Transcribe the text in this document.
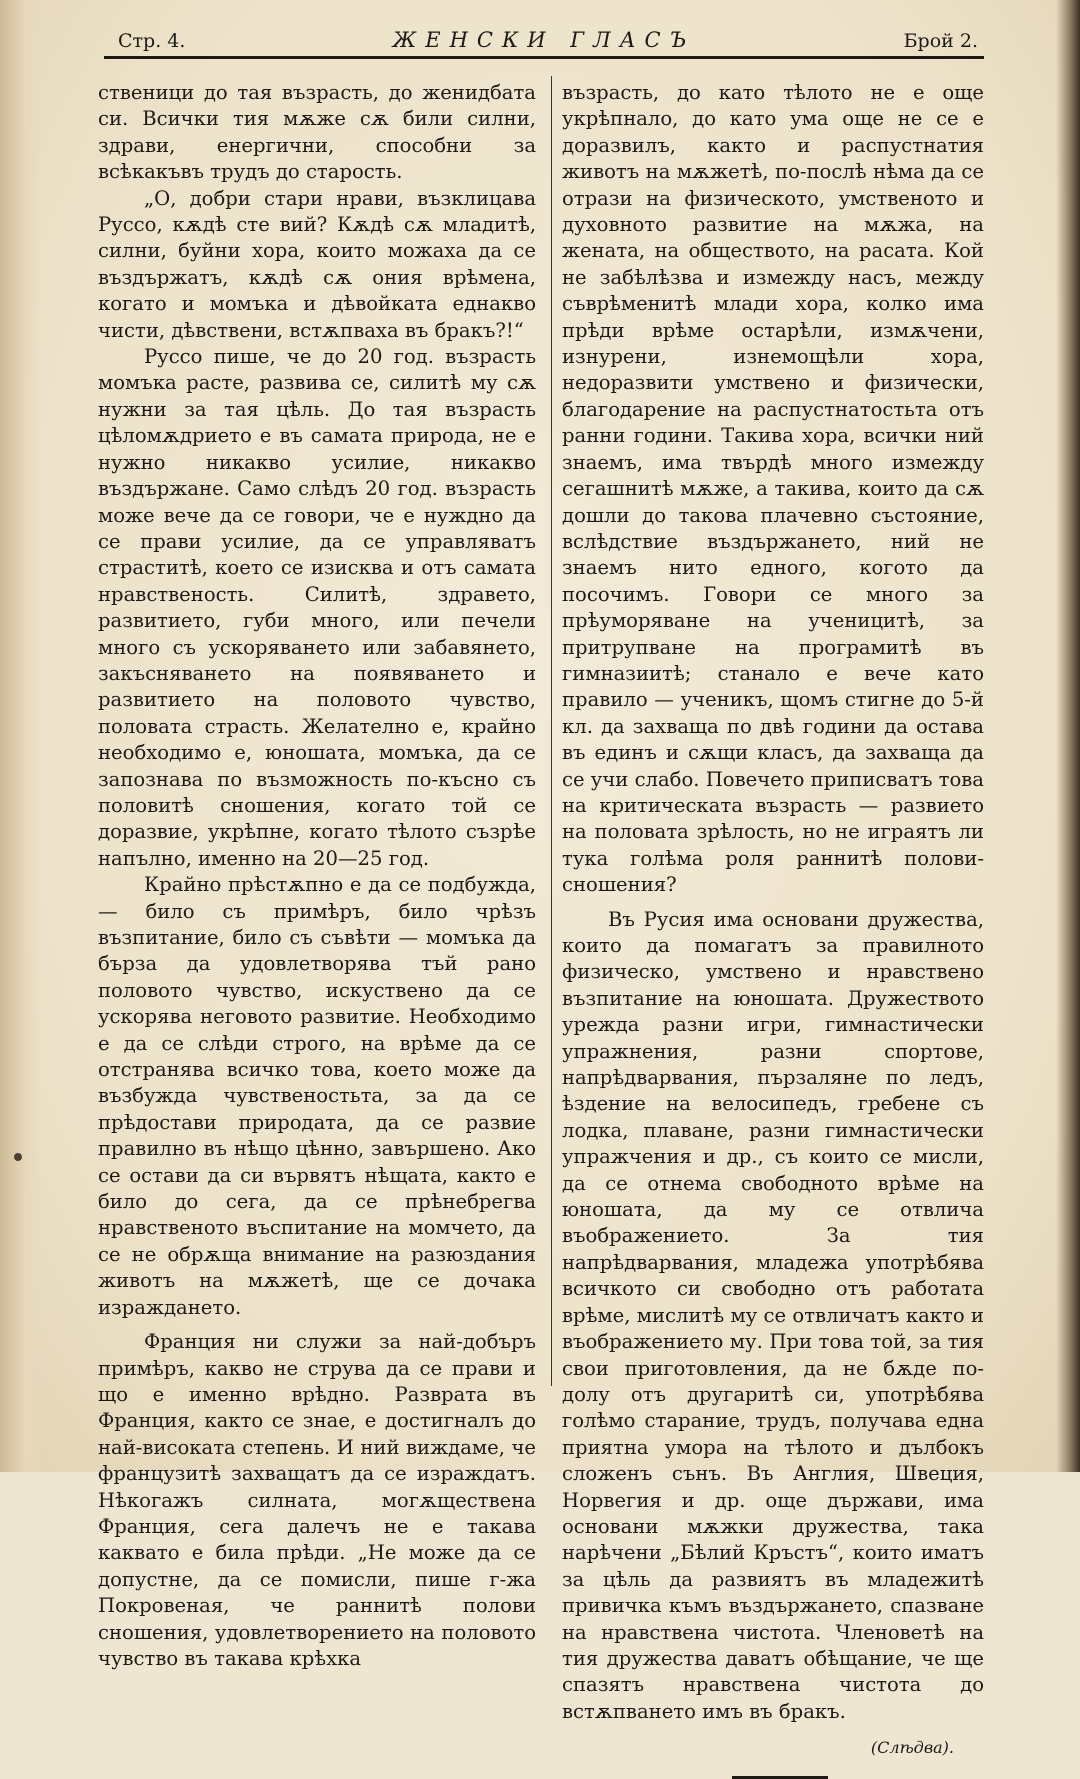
Стр. 4.	ЖЕНСКИ ГЛАСЪ	Брой 2.

ственици до тая възрасть, до женидбата си. Всички тия мѫже сѫ били силни, здрави, енергични, способни за всѣкакъвъ трудъ до старость.

„О, добри стари нрави, възклицава Руссо, кѫдѣ сте вий? Кѫдѣ сѫ младитѣ, силни, буйни хора, които можаха да се въздържатъ, кѫдѣ сѫ ония врѣмена, когато и момъка и дѣвойката еднакво чисти, дѣвствени, встѫпваха въ бракъ?!“

Руссо пише, че до 20 год. възрасть момъка расте, развива се, силитѣ му сѫ нужни за тая цѣль. До тая възрасть цѣломѫдрието е въ самата природа, не е нужно никакво усилие, никакво въздържане. Само слѣдъ 20 год. възрасть може вече да се говори, че е нуждно да се прави усилие, да се управляватъ страститѣ, което се изисква и отъ самата нравственость. Силитѣ, здравето, развитието, губи много, или печели много съ ускоряването или забавянето, закъсняването на появяването и развитието на половото чувство, половата страсть. Желателно е, крайно необходимо е, юношата, момъка, да се запознава по възможность по-късно съ половитѣ сношения, когато той се доразвие, укрѣпне, когато тѣлото съзрѣе напълно, именно на 20—25 год.

Крайно прѣстѫпно е да се подбужда, — било съ примѣръ, било чрѣзъ възпитание, било съ съвѣти — момъка да бърза да удовлетворява тъй рано половото чувство, искуствено да се ускорява неговото развитие. Необходимо е да се слѣди строго, на врѣме да се отстранява всичко това, което може да възбужда чувственостьта, за да се прѣдостави природата, да се развие правилно въ нѣщо цѣнно, завършено. Ако се остави да си вървятъ нѣщата, както е било до сега, да се прѣнебрегва нравственото въспитание на момчето, да се не обрѫща внимание на разюздания животъ на мѫжетѣ, ще се дочака израждането.

Франция ни служи за най-добъръ примѣръ, какво не струва да се прави и що е именно врѣдно. Разврата въ Франция, както се знае, е достигналъ до най-високата степень. И ний виждаме, че французитѣ захващатъ да се израждатъ. Нѣкогажъ силната, могѫществена Франция, сега далечъ не е такава каквато е била прѣди. „Не може да се допустне, да се помисли, пише г-жа Покровеная, че раннитѣ полови сношения, удовлетворението на половото чувство въ такава крѣхка

възрасть, до като тѣлото не е още укрѣпнало, до като ума още не се е доразвилъ, както и распустнатия животъ на мѫжетѣ, по-послѣ нѣма да се отрази на физическото, умственото и духовното развитие на мѫжа, на жената, на обществото, на расата. Кой не забѣлѣзва и измежду насъ, между съврѣменитѣ млади хора, колко има прѣди врѣме остарѣли, измѫчени, изнурени, изнемощѣли хора, недоразвити умствено и физически, благодарение на распустнатостьта отъ ранни години. Такива хора, всички ний знаемъ, има твърдѣ много измежду сегашнитѣ мѫже, а такива, които да сѫ дошли до такова плачевно състояние, вслѣдствие въздържането, ний не знаемъ нито едного, когото да посочимъ. Говори се много за прѣуморяване на ученицитѣ, за притрупване на програмитѣ въ гимназиитѣ; станало е вече като правило — ученикъ, щомъ стигне до 5-й кл. да захваща по двѣ години да остава въ единъ и сѫщи класъ, да захваща да се учи слабо. Повечето приписватъ това на критическата възрасть — развиeто на половата зрѣлость, но не играятъ ли тука голѣма роля раннитѣ полови-сношения?

Въ Русия има основани дружества, които да помагатъ за правилното физическо, умствено и нравствено възпитание на юношата. Дружеството урежда разни игри, гимнастически упражнения, разни спортове, напрѣдварвания, пързаляне по ледъ, ѣздение на велосипедъ, гребене съ лодка, плаване, разни гимнастически упражчения и др., съ които се мисли, да се отнема свободното врѣме на юношата, да му се отвлича въображението. За тия напрѣдварвания, младежа употрѣбява всичкото си свободно отъ работата врѣме, мислитѣ му се отвличатъ както и въображението му. При това той, за тия свои приготовления, да не бѫде по-долу отъ другаритѣ си, употрѣбява голѣмо старание, трудъ, получава една приятна умора на тѣлото и дълбокъ сложенъ сънъ. Въ Англия, Швеция, Норвегия и др. още държави, има основани мѫжки дружества, така нарѣчени „Бѣлий Кръстъ“, които иматъ за цѣль да развиятъ въ младежитѣ привичка къмъ въздържането, спазване на нравствена чистота. Членоветѣ на тия дружества даватъ обѣщание, че ще спазятъ нравствена чистота до встѫпването имъ въ бракъ.

(Слѣдва).
